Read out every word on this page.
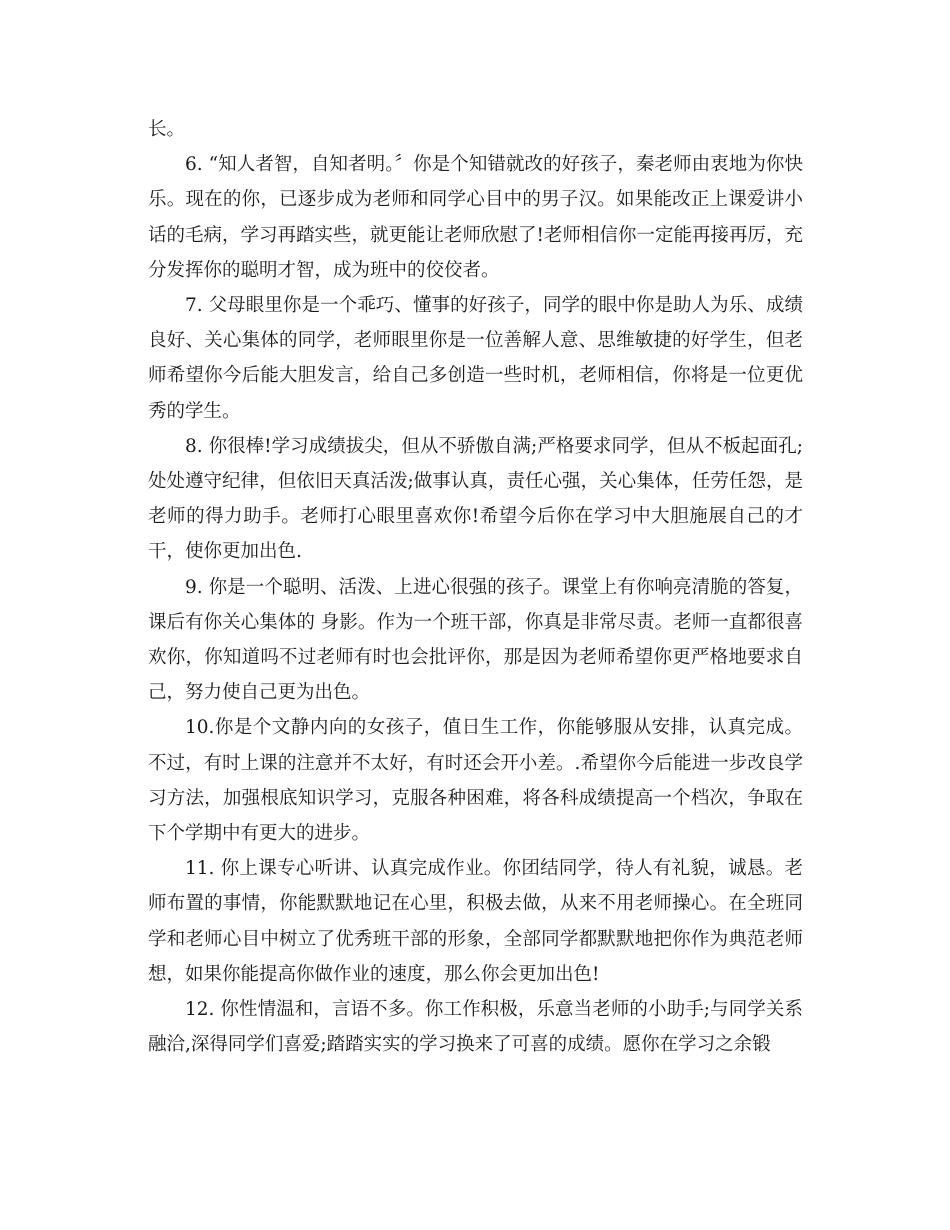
长。

6. “知人者智，自知者明。〞你是个知错就改的好孩子，秦老师由衷地为你快乐。现在的你，已逐步成为老师和同学心目中的男子汉。如果能改正上课爱讲小话的毛病，学习再踏实些，就更能让老师欣慰了!老师相信你一定能再接再厉，充分发挥你的聪明才智，成为班中的佼佼者。

7. 父母眼里你是一个乖巧、懂事的好孩子，同学的眼中你是助人为乐、成绩良好、关心集体的同学，老师眼里你是一位善解人意、思维敏捷的好学生，但老师希望你今后能大胆发言，给自己多创造一些时机，老师相信，你将是一位更优秀的学生。

8. 你很棒!学习成绩拔尖，但从不骄傲自满;严格要求同学，但从不板起面孔;处处遵守纪律，但依旧天真活泼;做事认真，责任心强，关心集体，任劳任怨，是老师的得力助手。老师打心眼里喜欢你!希望今后你在学习中大胆施展自己的才干，使你更加出色.

9. 你是一个聪明、活泼、上进心很强的孩子。课堂上有你响亮清脆的答复，课后有你关心集体的 身影。作为一个班干部，你真是非常尽责。老师一直都很喜欢你，你知道吗不过老师有时也会批评你，那是因为老师希望你更严格地要求自己，努力使自己更为出色。

10.你是个文静内向的女孩子，值日生工作，你能够服从安排，认真完成。不过，有时上课的注意并不太好，有时还会开小差。.希望你今后能进一步改良学习方法，加强根底知识学习，克服各种困难，将各科成绩提高一个档次，争取在下个学期中有更大的进步。

11. 你上课专心听讲、认真完成作业。你团结同学，待人有礼貌，诚恳。老师布置的事情，你能默默地记在心里，积极去做，从来不用老师操心。在全班同学和老师心目中树立了优秀班干部的形象，全部同学都默默地把你作为典范老师想，如果你能提高你做作业的速度，那么你会更加出色!

12. 你性情温和，言语不多。你工作积极，乐意当老师的小助手;与同学关系融洽,深得同学们喜爱;踏踏实实的学习换来了可喜的成绩。愿你在学习之余锻
